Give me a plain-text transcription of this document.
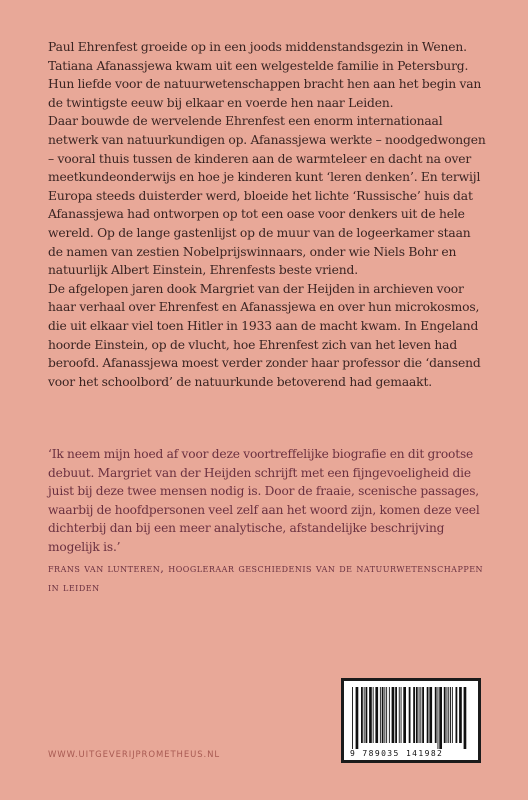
Paul Ehrenfest groeide op in een joods middenstandsgezin in Wenen. Tatiana Afanassjewa kwam uit een welgestelde familie in Petersburg. Hun liefde voor de natuurwetenschappen bracht hen aan het begin van de twintigste eeuw bij elkaar en voerde hen naar Leiden.

Daar bouwde de wervelende Ehrenfest een enorm internationaal netwerk van natuurkundigen op. Afanassjewa werkte – noodgedwongen – vooral thuis tussen de kinderen aan de warmteleer en dacht na over meetkundeonderwijs en hoe je kinderen kunt ‘leren denken’. En terwijl Europa steeds duisterder werd, bloeide het lichte ‘Russische’ huis dat Afanassjewa had ontworpen op tot een oase voor denkers uit de hele wereld. Op de lange gastenlijst op de muur van de logeerkamer staan de namen van zestien Nobelprijswinnaars, onder wie Niels Bohr en natuurlijk Albert Einstein, Ehrenfests beste vriend.

De afgelopen jaren dook Margriet van der Heijden in archieven voor haar verhaal over Ehrenfest en Afanassjewa en over hun microkosmos, die uit elkaar viel toen Hitler in 1933 aan de macht kwam. In Engeland hoorde Einstein, op de vlucht, hoe Ehrenfest zich van het leven had beroofd. Afanassjewa moest verder zonder haar professor die ‘dansend voor het schoolbord’ de natuurkunde betoverend had gemaakt.

‘Ik neem mijn hoed af voor deze voortreffelijke biografie en dit grootse debuut. Margriet van der Heijden schrijft met een fijngevoeligheid die juist bij deze twee mensen nodig is. Door de fraaie, scenische passages, waarbij de hoofdpersonen veel zelf aan het woord zijn, komen deze veel dichterbij dan bij een meer analytische, afstandelijke beschrijving mogelijk is.’

frans van lunteren, hoogleraar geschiedenis van de natuurwetenschappen in leiden
9 789035 141982
WWW.UITGEVERIJPROMETHEUS.NL
